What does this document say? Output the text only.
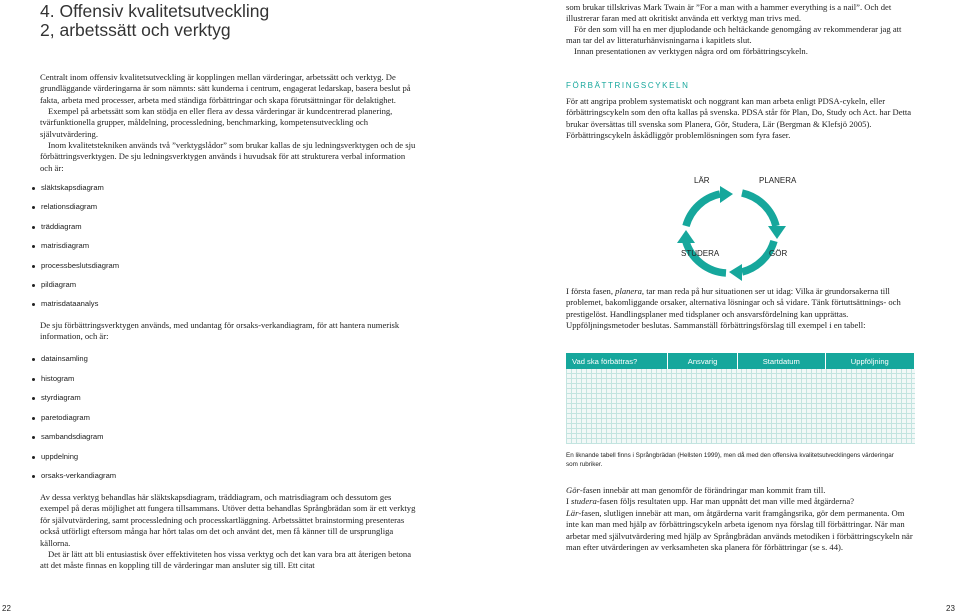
4. Offensiv kvalitetsutveckling
2, arbetssätt och verktyg

Centralt inom offensiv kvalitetsutveckling är kopplingen mellan värderingar, arbetssätt och verktyg. De grundläggande värderingarna är som nämnts: sätt kunderna i centrum, engagerat ledarskap, basera beslut på fakta, arbeta med processer, arbeta med ständiga förbättringar och skapa förutsättningar för delaktighet.

Exempel på arbetssätt som kan stödja en eller flera av dessa värderingar är kundcentrerad planering, tvärfunktionella grupper, måldelning, processledning, benchmarking, kompetensutveckling och självutvärdering.

Inom kvalitetstekniken används två ”verktygslådor” som brukar kallas de sju ledningsverktygen och de sju förbättringsverktygen. De sju ledningsverktygen används i huvudsak för att strukturera verbal information och är:

släktskapsdiagram
relationsdiagram
träddiagram
matrisdiagram
processbeslutsdiagram
pildiagram
matrisdataanalys

De sju förbättringsverktygen används, med undantag för orsaks-verkandiagram, för att hantera numerisk information, och är:

datainsamling
histogram
styrdiagram
paretodiagram
sambandsdiagram
uppdelning
orsaks-verkandiagram

Av dessa verktyg behandlas här släktskapsdiagram, träddiagram, och matrisdiagram och dessutom ges exempel på deras möjlighet att fungera tillsammans. Utöver detta behandlas Språngbrädan som är ett verktyg för självutvärdering, samt processledning och processkartläggning. Arbetssättet brainstorming presenteras också utförligt eftersom många har hört talas om det och använt det, men få känner till de ursprungliga källorna.

Det är lätt att bli entusiastisk över effektiviteten hos vissa verktyg och det kan vara bra att återigen betona att det måste finnas en koppling till de värderingar man ansluter sig till. Ett citat

22

som brukar tillskrivas Mark Twain är ”For a man with a hammer everything is a nail”. Och det illustrerar faran med att okritiskt använda ett verktyg man trivs med.

För den som vill ha en mer djuplodande och heltäckande genomgång av rekommenderar jag att man tar del av litteraturhänvisningarna i kapitlets slut.

Innan presentationen av verktygen några ord om förbättringscykeln.

FÖRBÄTTRINGSCYKELN

För att angripa problem systematiskt och noggrant kan man arbeta enligt PDSA-cykeln, eller förbättringscykeln som den ofta kallas på svenska. PDSA står för Plan, Do, Study och Act. har Detta brukar översättas till svenska som Planera, Gör, Studera, Lär (Bergman & Klefsjö 2005). Förbättringscykeln åskådliggör problemlösningen som fyra faser.

LÄR	PLANERA
STUDERA	GÖR

I första fasen, planera, tar man reda på hur situationen ser ut idag: Vilka är grundorsakerna till problemet, bakomliggande orsaker, alternativa lösningar och så vidare. Tänk förtuttsättnings- och prestigelöst. Handlingsplaner med tidsplaner och ansvarsfördelning kan upprättas. Uppföljningsmetoder beslutas. Sammanställ förbättringsförslag till exempel i en tabell:

Vad ska förbättras?	Ansvarig	Startdatum	Uppföljning

En liknande tabell finns i Språngbrädan (Hellsten 1999), men då med den offensiva kvalitetsutvecklingens värderingar som rubriker.

Gör-fasen innebär att man genomför de förändringar man kommit fram till.
I studera-fasen följs resultaten upp. Har man uppnått det man ville med åtgärderna?
Lär-fasen, slutligen innebär att man, om åtgärderna varit framgångsrika, gör dem permanenta. Om inte kan man med hjälp av förbättringscykeln arbeta igenom nya förslag till förbättringar. När man arbetar med självutvärdering med hjälp av Språngbrädan används metodiken i förbättringscykeln när man efter utvärderingen av verksamheten ska planera för förbättringar (se s. 44).

23
